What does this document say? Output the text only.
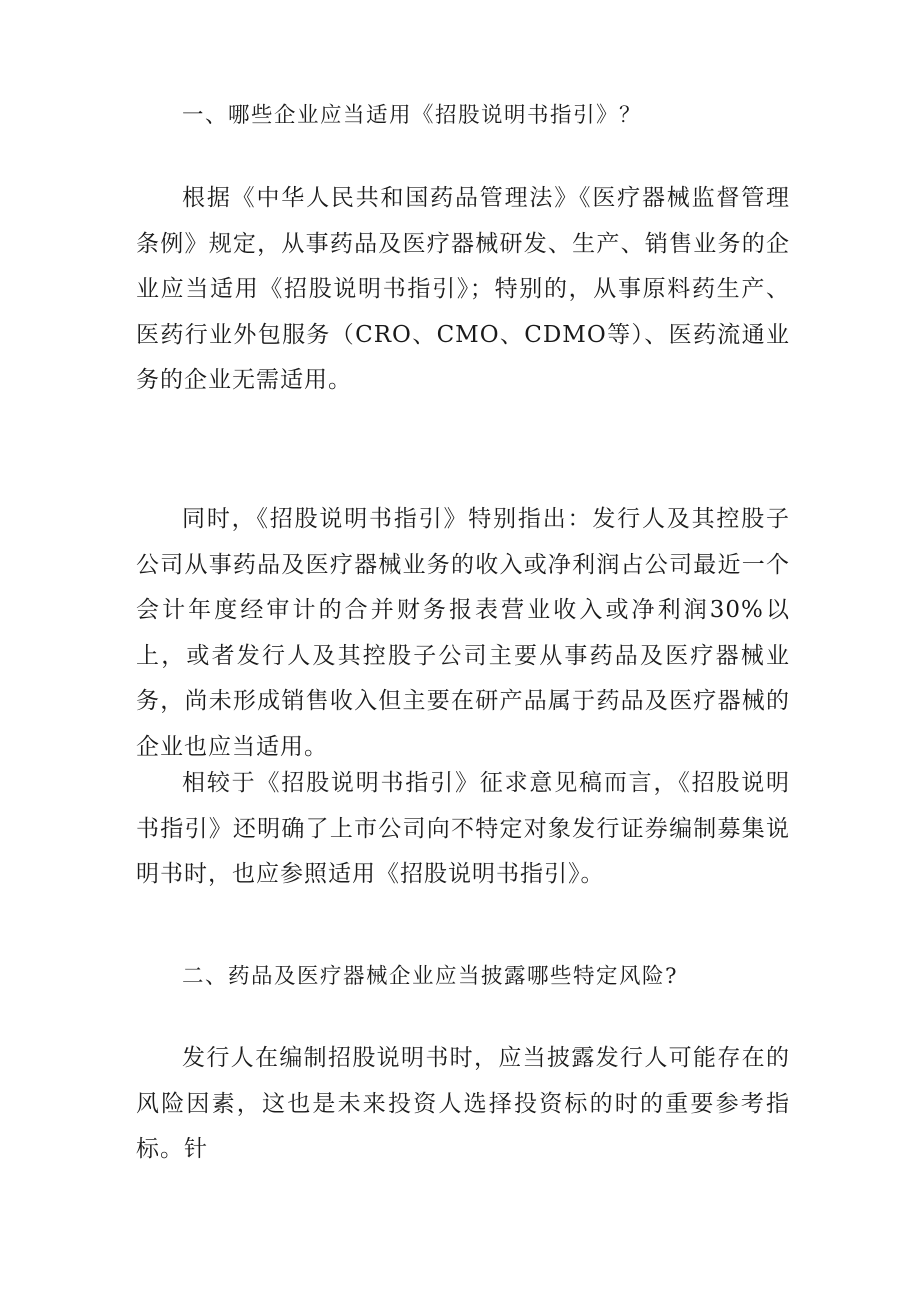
一、哪些企业应当适用《招股说明书指引》？

根据《中华人民共和国药品管理法》《医疗器械监督管理条例》规定，从事药品及医疗器械研发、生产、销售业务的企业应当适用《招股说明书指引》；特别的，从事原料药生产、医药行业外包服务（CRO、CMO、CDMO等）、医药流通业务的企业无需适用。

同时，《招股说明书指引》特别指出：发行人及其控股子公司从事药品及医疗器械业务的收入或净利润占公司最近一个会计年度经审计的合并财务报表营业收入或净利润30%以上，或者发行人及其控股子公司主要从事药品及医疗器械业务，尚未形成销售收入但主要在研产品属于药品及医疗器械的企业也应当适用。

相较于《招股说明书指引》征求意见稿而言，《招股说明书指引》还明确了上市公司向不特定对象发行证券编制募集说明书时，也应参照适用《招股说明书指引》。

二、药品及医疗器械企业应当披露哪些特定风险?

发行人在编制招股说明书时，应当披露发行人可能存在的风险因素，这也是未来投资人选择投资标的时的重要参考指标。针
